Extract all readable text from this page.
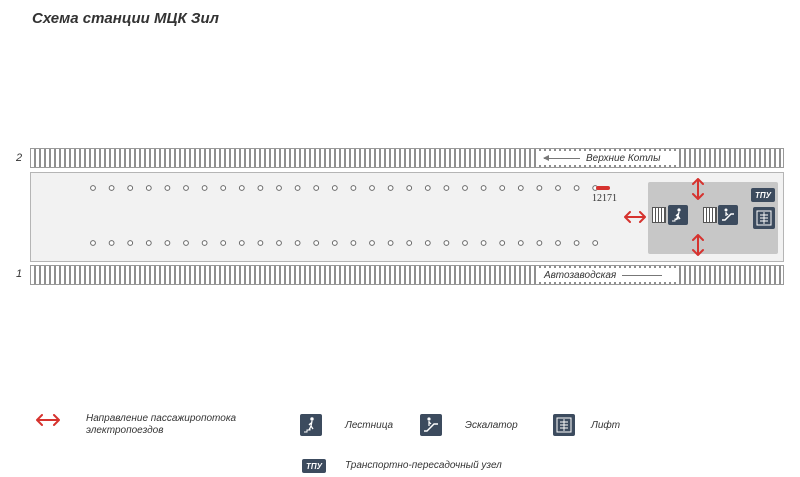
Схема станции МЦК Зил
2	Верхние Котлы
12171	ТПУ
1	Автозаводская
Направление пассажиропотока электропоездов	Лестница	Эскалатор	Лифт
ТПУ	Транспортно-пересадочный узел
